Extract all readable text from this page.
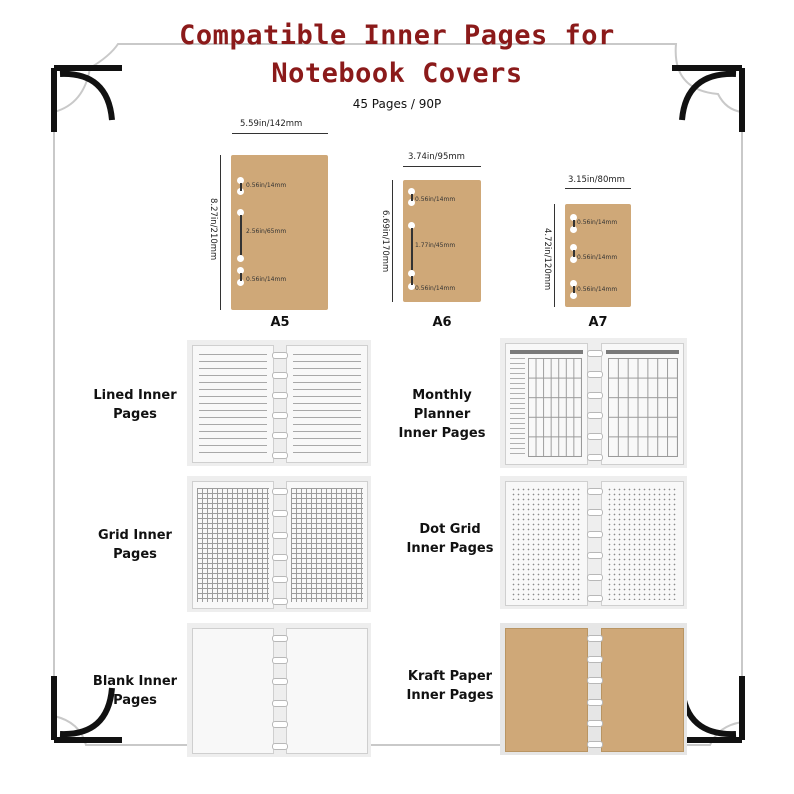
Compatible Inner Pages for
Notebook Covers
45 Pages / 90P
5.59in/142mm
8.27in/210mm
0.56in/14mm
2.56in/65mm
0.56in/14mm
A5
3.74in/95mm
6.69in/170mm
0.56in/14mm
1.77in/45mm
0.56in/14mm
A6
3.15in/80mm
4.72in/120mm
0.56in/14mm
0.56in/14mm
0.56in/14mm
A7
Lined Inner
Pages
Monthly Planner
Inner Pages
Grid Inner
Pages
Dot Grid
Inner Pages
Blank Inner
Pages
Kraft Paper
Inner Pages
